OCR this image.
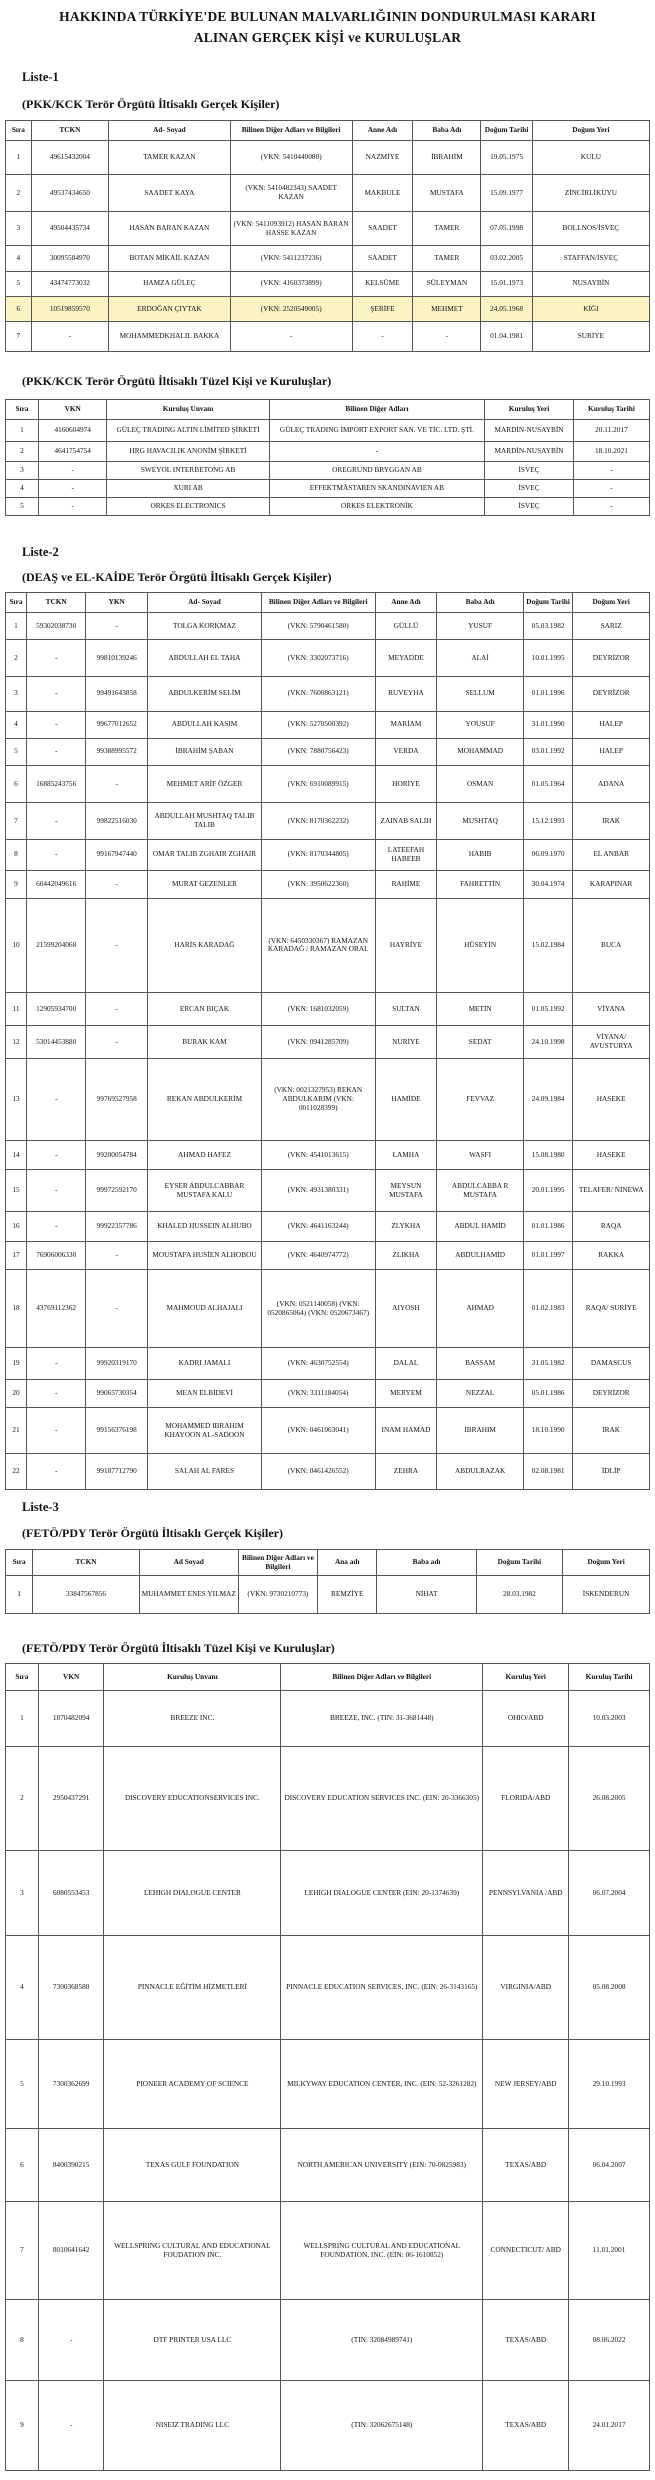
HAKKINDA TÜRKİYE'DE BULUNAN MALVARLIĞININ DONDURULMASI KARARI
ALINAN GERÇEK KİŞİ ve KURULUŞLAR
Liste-1
(PKK/KCK Terör Örgütü İltisaklı Gerçek Kişiler)
Sıra	TCKN	Ad- Soyad	Bilinen Diğer Adları ve Bilgileri	Anne Adı	Baba Adı	Doğum Tarihi	Doğum Yeri
1	49615432004	TAMER KAZAN	(VKN: 5410440080)	NAZMİYE	İBRAHİM	19.05.1975	KULU
2	49537434650	SAADET KAYA	(VKN: 5410482343) SAADET KAZAN	MAKBULE	MUSTAFA	15.09.1977	ZİNCİRLİKUYU
3	49504435734	HASAN BARAN KAZAN	(VKN: 5411093912) HASAN BARAN HASSE KAZAN	SAADET	TAMER	07.05.1998	BOLLNOS/İSVEÇ
4	30095584970	BOTAN MİKAİL KAZAN	(VKN: 5411237236)	SAADET	TAMER	03.02.2005	STAFFAN/İSVEÇ
5	43474773032	HAMZA GÜLEÇ	(VKN: 4160373899)	KELSÜME	SÜLEYMAN	15.01.1973	NUSAYBİN
6	10519859570	ERDOĞAN ÇIYTAK	(VKN: 2520549005)	ŞERİFE	MEHMET	24.05.1968	KİĞI
7	-	MOHAMMEDKHALIL BAKKA	-	-	-	01.04.1981	SURİYE
(PKK/KCK Terör Örgütü İltisaklı Tüzel Kişi ve Kuruluşlar)
Sıra	VKN	Kuruluş Unvanı	Bilinen Diğer Adları	Kuruluş Yeri	Kuruluş Tarihi
1	4160604974	GÜLEÇ TRADING ALTIN LİMİTED ŞİRKETİ	GÜLEÇ TRADING İMPORT EXPORT SAN. VE TİC. LTD. ŞTİ.	MARDİN-NUSAYBİN	20.11.2017
2	4641754754	HRG HAVACILIK ANONİM ŞİRKETİ	-	MARDİN-NUSAYBİN	18.10.2021
3	-	SWEYOL INTERBETONG AB	OREGRUND BRYGGAN AB	İSVEÇ	-
4	-	XURI AB	EFFEKTMÄSTAREN SKANDINAVIEN AB	İSVEÇ	-
5	-	ORKES ELECTRONICS	ORKES ELEKTRONİK	İSVEÇ	-
Liste-2
(DEAŞ ve EL-KAİDE Terör Örgütü İltisaklı Gerçek Kişiler)
Sıra	TCKN	YKN	Ad- Soyad	Bilinen Diğer Adları ve Bilgileri	Anne Adı	Baba Adı	Doğum Tarihi	Doğum Yeri
1	59302038730	-	TOLGA KORKMAZ	(VKN: 5790461580)	GÜLLÜ	YUSUF	05.03.1982	SARIZ
2	-	99810139246	ABDULLAH EL TAHA	(VKN: 3302073716)	MEYADDE	ALAİ	10.01.1995	DEYRİZOR
3	-	99491643858	ABDULKERİM SELİM	(VKN: 7600863121)	RUVEYHA	SELLUM	01.01.1996	DEYRİZOR
4	-	99677012652	ABDULLAH KASIM	(VKN: 5270500392)	MARİAM	YOUSUF	31.01.1990	HALEP
5	-	99388995572	İBRAHİM ŞABAN	(VKN: 7880756423)	VERDA	MOHAMMAD	03.01.1992	HALEP
6	16885243756	-	MEHMET ARİF ÖZGER	(VKN: 6910089915)	HORİYE	OSMAN	01.05.1964	ADANA
7	-	99822516030	ABDULLAH MUSHTAQ TALIB TALIB	(VKN: 8170362232)	ZAINAB SALIH	MUSHTAQ	15.12.1993	IRAK
8	-	99167947440	OMAR TALIB ZGHAIR ZGHAIR	(VKN: 8170344805)	LATEEFAH HABEEB	HABIB	06.09.1970	EL ANBAR
9	60442049616	-	MURAT GEZENLER	(VKN: 3950622360)	RAHİME	FAHRETTİN	30.04.1974	KARAPINAR
10	21599204068	-	HARİS KARADAĞ	(VKN: 6450330367) RAMAZAN KARADAĞ / RAMAZAN ORAL	HAYRİYE	HÜSEYİN	15.02.1984	BUCA
11	12905934700	-	ERCAN BIÇAK	(VKN: 1681032059)	SULTAN	METİN	01.05.1992	VİYANA
12	53014453880	-	BURAK KAM	(VKN: 0941285709)	NURİYE	SEDAT	24.10.1998	VİYANA/ AVUSTURYA
13	-	99769527958	REKAN ABDULKERİM	(VKN: 0021327953) REKAN ABDULKARIM (VKN: 0011028399)	HAMİDE	FEVVAZ	24.09.1984	HASEKE
14	-	99200054784	AHMAD HAFEZ	(VKN: 4541013615)	LAMHA	WASFI	15.08.1980	HASEKE
15	-	99972592170	EYSER ABDULCABBAR MUSTAFA KALU	(VKN: 4931380331)	MEYSUN MUSTAFA	ABDULCABBA R MUSTAFA	20.01.1995	TELAFER/ NİNEWA
16	-	99922357786	KHALED HUSSEIN ALHUBO	(VKN: 4641163244)	ZLYKHA	ABDUL HAMİD	01.01.1986	RAQA
17	76906006330	-	MOUSTAFA HUSİEN ALHOBOU	(VKN: 4640974772)	ZLIKHA	ABDULHAMİD	01.01.1997	RAKKA
18	43769112362	-	MAHMOUD ALHAJALI	(VKN: 0521140058) (VKN: 0520865064) (VKN: 0520673467)	AIYOSH	AHMAD	01.02.1983	RAQA/ SURİYE
19	-	99920319170	KADRI JAMALI	(VKN: 4630752554)	DALAL	BASSAM	31.05.1982	DAMASCUS
20	-	99065730354	MEAN ELBİDEVİ	(VKN: 3311184054)	MERYEM	NEZZAL	05.01.1986	DEYRİZOR
21	-	99156376198	MOHAMMED IBRAHIM KHAYOON AL-SADOON	(VKN: 0461063041)	INAM HAMAD	IBRAHIM	18.10.1990	IRAK
22	-	99187712790	SALAH AL FARES	(VKN: 0461426552)	ZEHRA	ABDULRAZAK	02.08.1981	İDLİP
Liste-3
(FETÖ/PDY Terör Örgütü İltisaklı Gerçek Kişiler)
Sıra	TCKN	Ad Soyad	Bilinen Diğer Adları ve Bilgileri	Ana adı	Baba adı	Doğum Tarihi	Doğum Yeri
1	33847567856	MUHAMMET ENES YILMAZ	(VKN: 9730210773)	REMZİYE	NİHAT	28.03.1982	İSKENDERUN
(FETÖ/PDY Terör Örgütü İltisaklı Tüzel Kişi ve Kuruluşlar)
Sıra	VKN	Kuruluş Unvanı	Bilinen Diğer Adları ve Bilgileri	Kuruluş Yeri	Kuruluş Tarihi
1	1870482094	BREEZE INC.	BREEZE, INC. (TIN: 31-3681448)	OHIO/ABD	10.03.2003
2	2950437291	DISCOVERY EDUCATIONSERVICES INC.	DISCOVERY EDUCATION SERVICES INC. (EIN: 20-3366305)	FLORIDA/ABD	26.08.2005
3	6080553453	LEHIGH DIALOGUE CENTER	LEHIGH DIALOGUE CENTER (EIN: 20-1374639)	PENNSYLVANIA /ABD	06.07.2004
4	7300368580	PINNACLE EĞİTİM HİZMETLERİ	PINNACLE EDUCATION SERVICES, INC. (EIN: 26-3143165)	VIRGINIA/ABD	05.08.2008
5	7300362699	PIONEER ACADEMY OF SCIENCE	MILKYWAY EDUCATION CENTER, INC. (EIN: 52-3261282)	NEW JERSEY/ABD	29.10.1993
6	8400390215	TEXAS GULF FOUNDATION	NORTH AMERICAN UNIVERSITY (EIN: 70-0825983)	TEXAS/ABD	06.04.2007
7	8010641642	WELLSPRING CULTURAL AND EDUCATIONAL FOUDATION INC.	WELLSPRING CULTURAL AND EDUCATIONAL FOUNDATION, INC. (EIN: 06-1610852)	CONNECTICUT/ ABD	11.01.2001
8	-	DTF PRINTER USA LLC	(TIN: 32084989741)	TEXAS/ABD	08.06.2022
9	-	NISEIZ TRADING LLC	(TIN: 32062675148)	TEXAS/ABD	24.01.2017
